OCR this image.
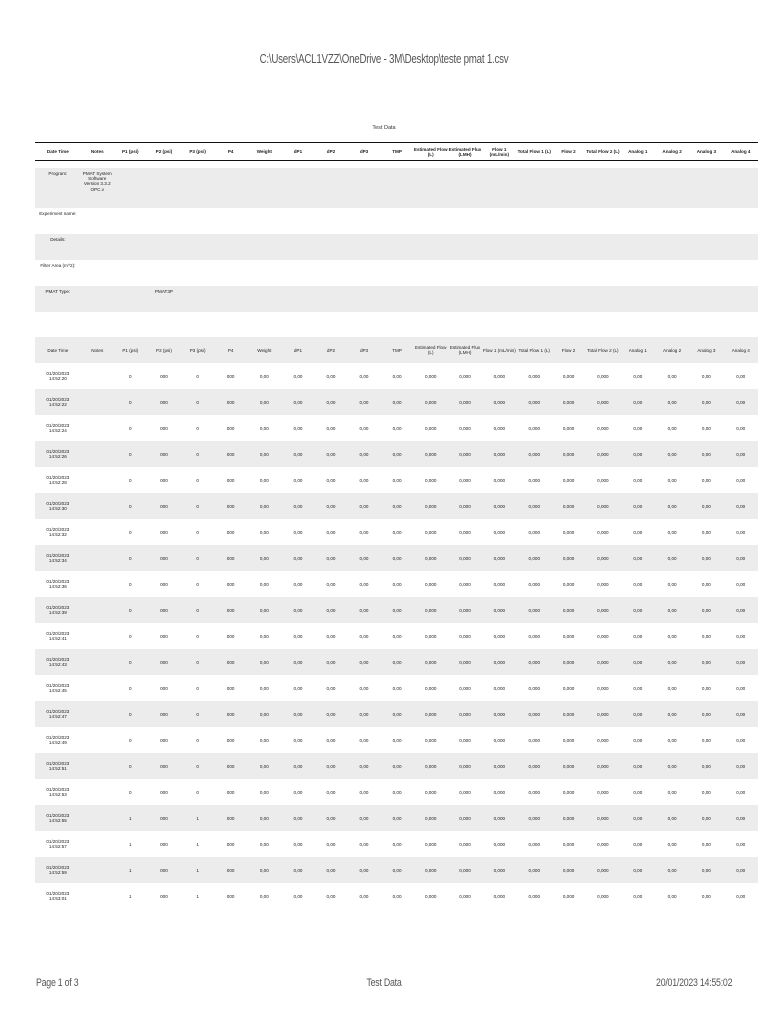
C:\Users\ACL1VZZ\OneDrive - 3M\Desktop\teste pmat 1.csv
Test Data
Date Time	Notes	P1 (psi)	P2 (psi)	P3 (psi)	P4	Weight	dP1	dP2	dP3	TMP	Estimated Flow (L)	Estimated Flux (LMH)	Flow 1 (mL/min)	Total Flow 1 (L)	Flow 2	Total Flow 2 (L)	Analog 1	Analog 2	Analog 3	Analog 4
Program:	PMAT System Software Version 3.3.2 OPC.v																			
Experiment name:																				
Details:																				
Filter Area (m^2):																				
PMAT Type:			PMAT3P																	
Date Time	Notes	P1 (psi)	P2 (psi)	P3 (psi)	P4	Weight	dP1	dP2	dP3	TMP	Estimated Flow (L)	Estimated Flux (LMH)	Flow 1 (mL/min)	Total Flow 1 (L)	Flow 2	Total Flow 2 (L)	Analog 1	Analog 2	Analog 3	Analog 4

01/20/2023
14:52:20		0	000	0	000	0,00	0,00	0,00	0,00	0,00	0,000	0,000	0,000	0,000	0,000	0,000	0,00	0,00	0,00	0,00

01/20/2023
14:52:22		0	000	0	000	0,00	0,00	0,00	0,00	0,00	0,000	0,000	0,000	0,000	0,000	0,000	0,00	0,00	0,00	0,00

01/20/2023
14:52:24		0	000	0	000	0,00	0,00	0,00	0,00	0,00	0,000	0,000	0,000	0,000	0,000	0,000	0,00	0,00	0,00	0,00

01/20/2023
14:52:26		0	000	0	000	0,00	0,00	0,00	0,00	0,00	0,000	0,000	0,000	0,000	0,000	0,000	0,00	0,00	0,00	0,00

01/20/2023
14:52:28		0	000	0	000	0,00	0,00	0,00	0,00	0,00	0,000	0,000	0,000	0,000	0,000	0,000	0,00	0,00	0,00	0,00

01/20/2023
14:52:30		0	000	0	000	0,00	0,00	0,00	0,00	0,00	0,000	0,000	0,000	0,000	0,000	0,000	0,00	0,00	0,00	0,00

01/20/2023
14:52:32		0	000	0	000	0,00	0,00	0,00	0,00	0,00	0,000	0,000	0,000	0,000	0,000	0,000	0,00	0,00	0,00	0,00

01/20/2023
14:52:34		0	000	0	000	0,00	0,00	0,00	0,00	0,00	0,000	0,000	0,000	0,000	0,000	0,000	0,00	0,00	0,00	0,00

01/20/2023
14:52:36		0	000	0	000	0,00	0,00	0,00	0,00	0,00	0,000	0,000	0,000	0,000	0,000	0,000	0,00	0,00	0,00	0,00

01/20/2023
14:52:39		0	000	0	000	0,00	0,00	0,00	0,00	0,00	0,000	0,000	0,000	0,000	0,000	0,000	0,00	0,00	0,00	0,00

01/20/2023
14:52:41		0	000	0	000	0,00	0,00	0,00	0,00	0,00	0,000	0,000	0,000	0,000	0,000	0,000	0,00	0,00	0,00	0,00

01/20/2023
14:52:43		0	000	0	000	0,00	0,00	0,00	0,00	0,00	0,000	0,000	0,000	0,000	0,000	0,000	0,00	0,00	0,00	0,00

01/20/2023
14:52:45		0	000	0	000	0,00	0,00	0,00	0,00	0,00	0,000	0,000	0,000	0,000	0,000	0,000	0,00	0,00	0,00	0,00

01/20/2023
14:52:47		0	000	0	000	0,00	0,00	0,00	0,00	0,00	0,000	0,000	0,000	0,000	0,000	0,000	0,00	0,00	0,00	0,00

01/20/2023
14:52:49		0	000	0	000	0,00	0,00	0,00	0,00	0,00	0,000	0,000	0,000	0,000	0,000	0,000	0,00	0,00	0,00	0,00

01/20/2023
14:52:51		0	000	0	000	0,00	0,00	0,00	0,00	0,00	0,000	0,000	0,000	0,000	0,000	0,000	0,00	0,00	0,00	0,00

01/20/2023
14:52:53		0	000	0	000	0,00	0,00	0,00	0,00	0,00	0,000	0,000	0,000	0,000	0,000	0,000	0,00	0,00	0,00	0,00

01/20/2023
14:52:55		1	000	1	000	0,00	0,00	0,00	0,00	0,00	0,000	0,000	0,000	0,000	0,000	0,000	0,00	0,00	0,00	0,00

01/20/2023
14:52:57		1	000	1	000	0,00	0,00	0,00	0,00	0,00	0,000	0,000	0,000	0,000	0,000	0,000	0,00	0,00	0,00	0,00

01/20/2023
14:52:59		1	000	1	000	0,00	0,00	0,00	0,00	0,00	0,000	0,000	0,000	0,000	0,000	0,000	0,00	0,00	0,00	0,00

01/20/2023
14:53:01		1	000	1	000	0,00	0,00	0,00	0,00	0,00	0,000	0,000	0,000	0,000	0,000	0,000	0,00	0,00	0,00	0,00
Page 1 of 3	Test Data	20/01/2023 14:55:02
